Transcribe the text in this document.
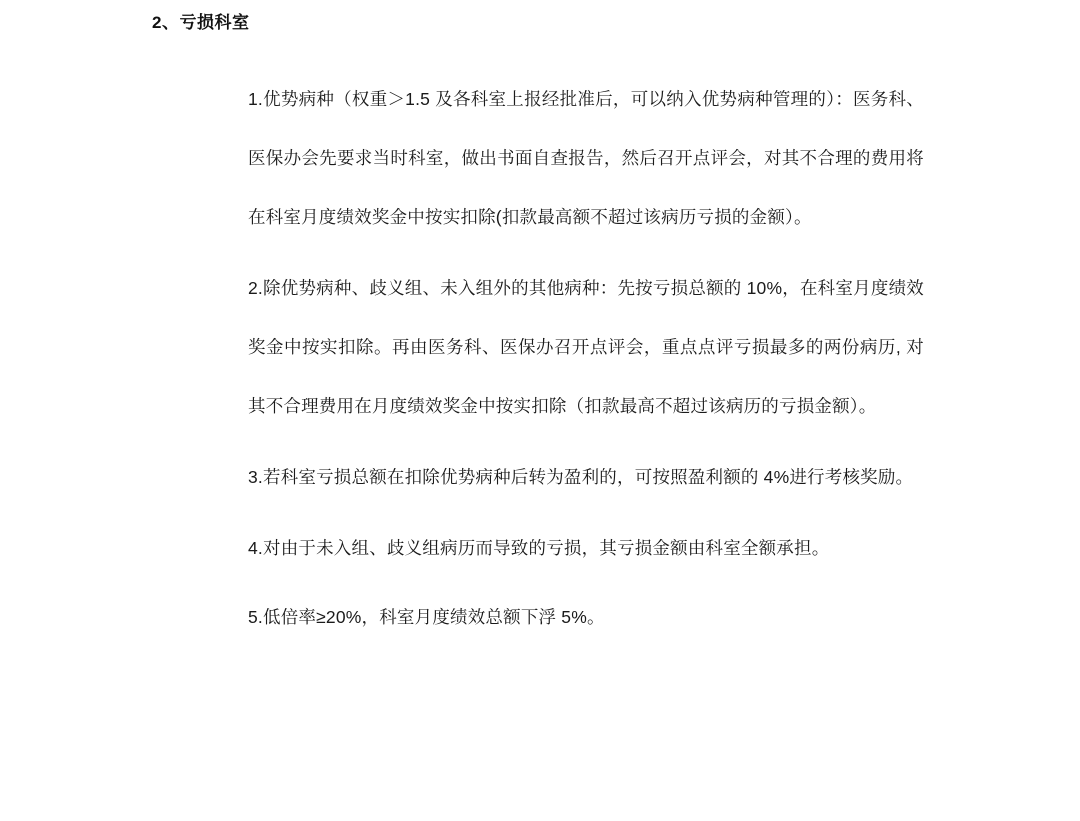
2、亏损科室

1.优势病种（权重＞1.5 及各科室上报经批准后，可以纳入优势病种管理的）：医务科、医保办会先要求当时科室，做出书面自查报告，然后召开点评会，对其不合理的费用将在科室月度绩效奖金中按实扣除(扣款最高额不超过该病历亏损的金额）。

2.除优势病种、歧义组、未入组外的其他病种：先按亏损总额的 10%，在科室月度绩效奖金中按实扣除。再由医务科、医保办召开点评会，重点点评亏损最多的两份病历, 对其不合理费用在月度绩效奖金中按实扣除（扣款最高不超过该病历的亏损金额）。

3.若科室亏损总额在扣除优势病种后转为盈利的，可按照盈利额的 4%进行考核奖励。

4.对由于未入组、歧义组病历而导致的亏损，其亏损金额由科室全额承担。

5.低倍率≥20%，科室月度绩效总额下浮 5%。
